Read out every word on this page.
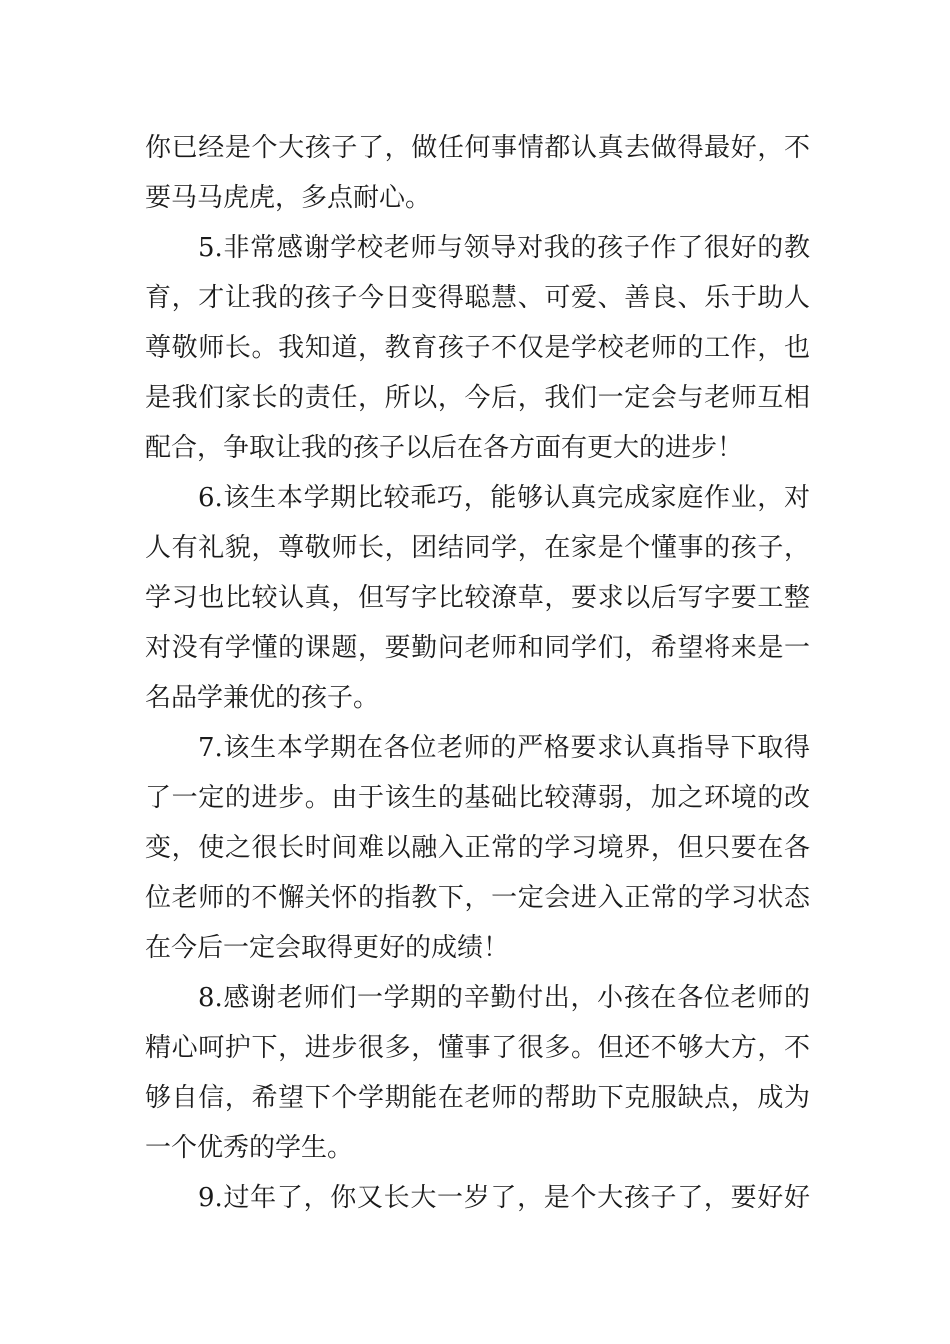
你已经是个大孩子了，做任何事情都认真去做得最好，不
要马马虎虎，多点耐心。
5.非常感谢学校老师与领导对我的孩子作了很好的教
育，才让我的孩子今日变得聪慧、可爱、善良、乐于助人
尊敬师长。我知道，教育孩子不仅是学校老师的工作，也
是我们家长的责任，所以，今后，我们一定会与老师互相
配合，争取让我的孩子以后在各方面有更大的进步！
6.该生本学期比较乖巧，能够认真完成家庭作业，对
人有礼貌，尊敬师长，团结同学，在家是个懂事的孩子，
学习也比较认真，但写字比较潦草，要求以后写字要工整
对没有学懂的课题，要勤问老师和同学们，希望将来是一
名品学兼优的孩子。
7.该生本学期在各位老师的严格要求认真指导下取得
了一定的进步。由于该生的基础比较薄弱，加之环境的改
变，使之很长时间难以融入正常的学习境界，但只要在各
位老师的不懈关怀的指教下，一定会进入正常的学习状态
在今后一定会取得更好的成绩！
8.感谢老师们一学期的辛勤付出，小孩在各位老师的
精心呵护下，进步很多，懂事了很多。但还不够大方，不
够自信，希望下个学期能在老师的帮助下克服缺点，成为
一个优秀的学生。
9.过年了，你又长大一岁了，是个大孩子了，要好好
